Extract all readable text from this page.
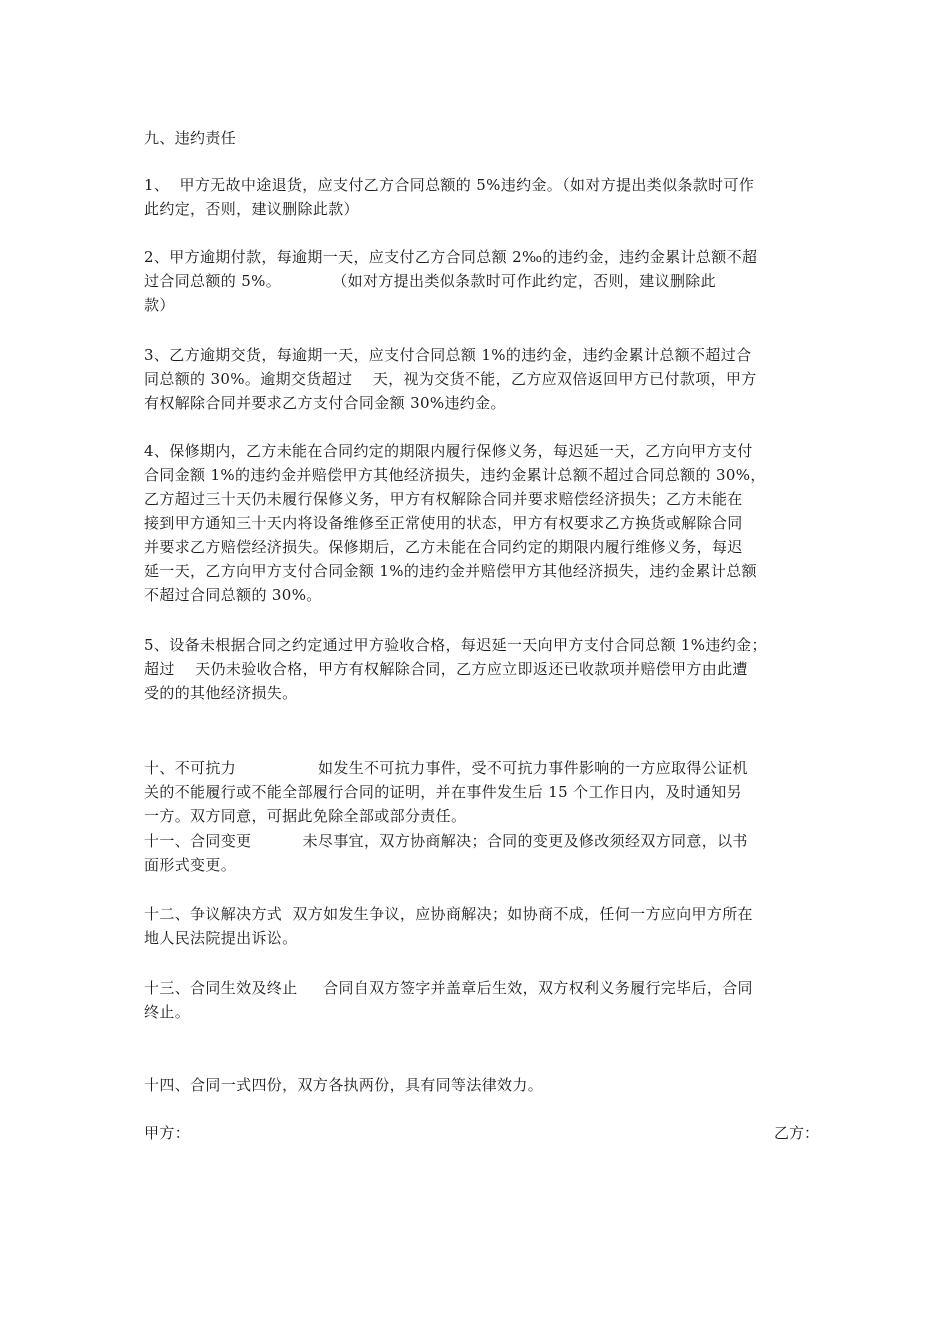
九、违约责任
1、  甲方无故中途退货，应支付乙方合同总额的 5%违约金。（如对方提出类似条款时可作
此约定，否则，建议删除此款）
2、甲方逾期付款，每逾期一天，应支付乙方合同总额 2‰的违约金，违约金累计总额不超
过合同总额的 5%。          （如对方提出类似条款时可作此约定，否则，建议删除此
款）
3、乙方逾期交货，每逾期一天，应支付合同总额 1%的违约金，违约金累计总额不超过合
同总额的 30%。逾期交货超过    天，视为交货不能，乙方应双倍返回甲方已付款项，甲方
有权解除合同并要求乙方支付合同金额 30%违约金。
4、保修期内，乙方未能在合同约定的期限内履行保修义务，每迟延一天，乙方向甲方支付
合同金额 1%的违约金并赔偿甲方其他经济损失，违约金累计总额不超过合同总额的 30%，
乙方超过三十天仍未履行保修义务，甲方有权解除合同并要求赔偿经济损失；乙方未能在
接到甲方通知三十天内将设备维修至正常使用的状态，甲方有权要求乙方换货或解除合同
并要求乙方赔偿经济损失。保修期后，乙方未能在合同约定的期限内履行维修义务，每迟
延一天，乙方向甲方支付合同金额 1%的违约金并赔偿甲方其他经济损失，违约金累计总额
不超过合同总额的 30%。
5、设备未根据合同之约定通过甲方验收合格，每迟延一天向甲方支付合同总额 1%违约金；
超过    天仍未验收合格，甲方有权解除合同，乙方应立即返还已收款项并赔偿甲方由此遭
受的的其他经济损失。
十、不可抗力                如发生不可抗力事件，受不可抗力事件影响的一方应取得公证机
关的不能履行或不能全部履行合同的证明，并在事件发生后 15 个工作日内，及时通知另
一方。双方同意，可据此免除全部或部分责任。
十一、合同变更          未尽事宜，双方协商解决；合同的变更及修改须经双方同意，以书
面形式变更。
十二、争议解决方式  双方如发生争议，应协商解决；如协商不成，任何一方应向甲方所在
地人民法院提出诉讼。
十三、合同生效及终止     合同自双方签字并盖章后生效，双方权利义务履行完毕后，合同
终止。
十四、合同一式四份，双方各执两份，具有同等法律效力。
甲方：	乙方：
